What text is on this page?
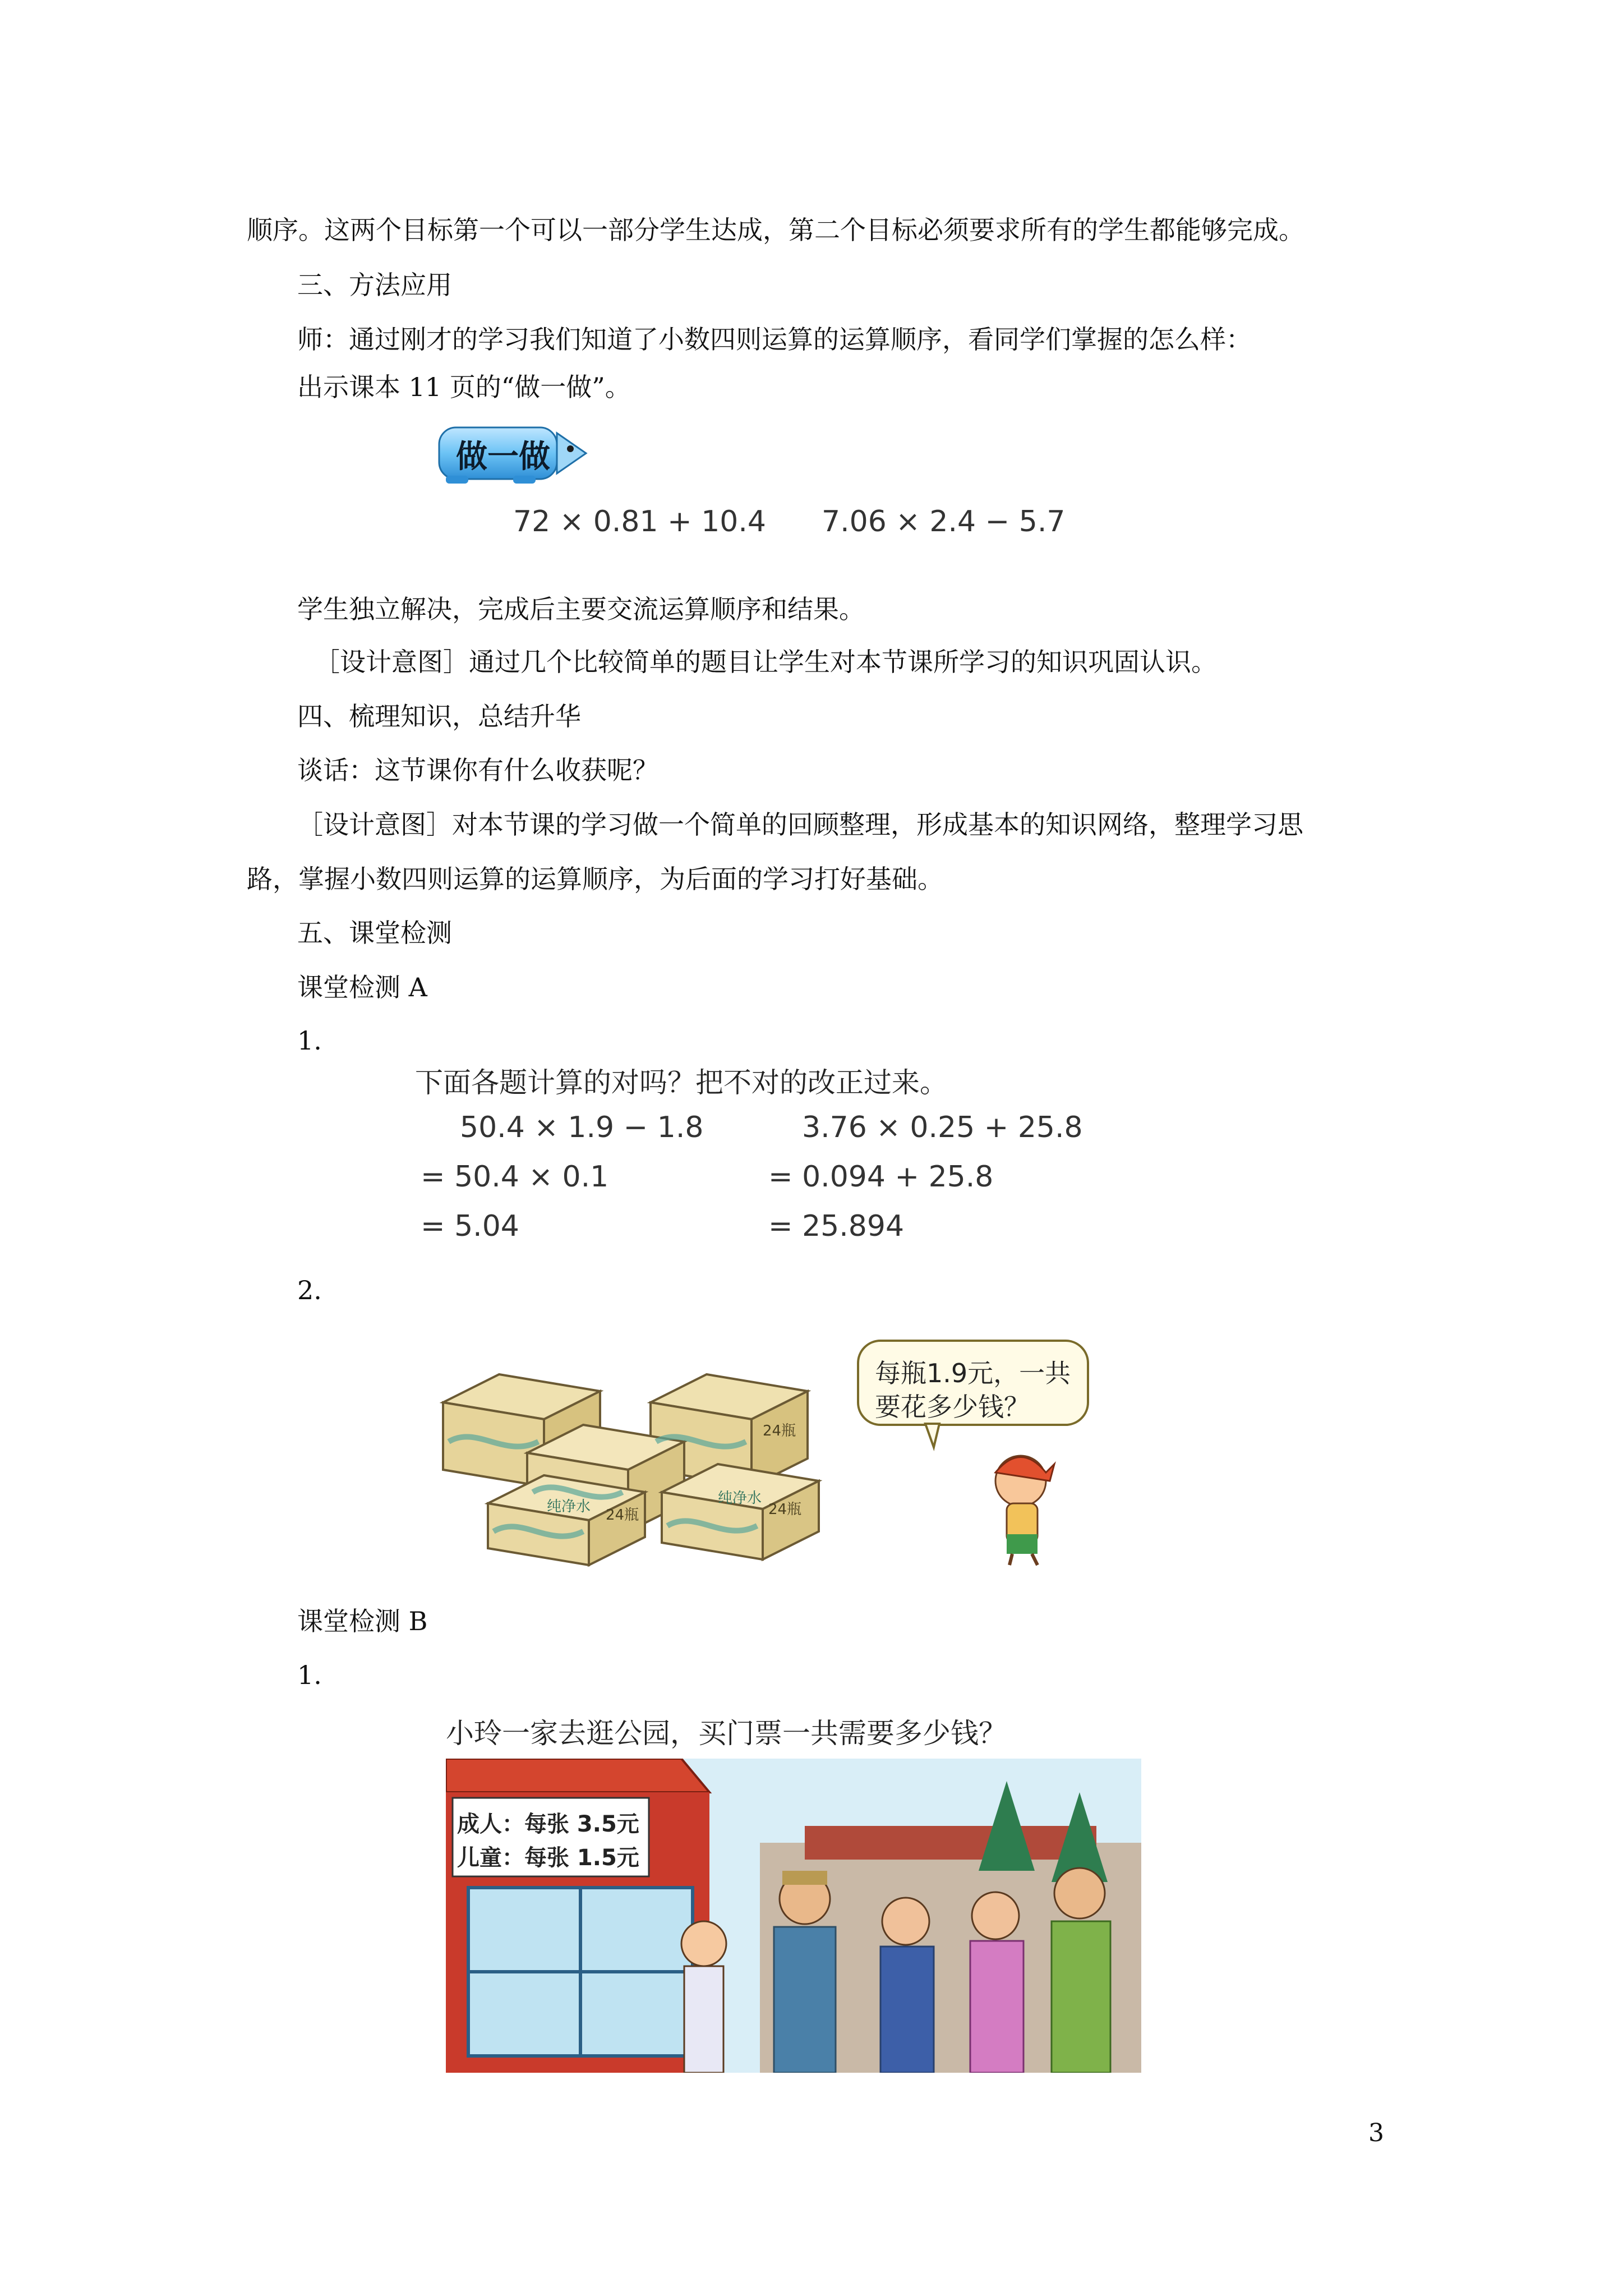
顺序。这两个目标第一个可以一部分学生达成，第二个目标必须要求所有的学生都能够完成。
三、方法应用
师：通过刚才的学习我们知道了小数四则运算的运算顺序，看同学们掌握的怎么样：
出示课本 11 页的“做一做”。
做一做
72 × 0.81 + 10.4 7.06 × 2.4 − 5.7
学生独立解决，完成后主要交流运算顺序和结果。
［设计意图］通过几个比较简单的题目让学生对本节课所学习的知识巩固认识。
四、梳理知识，总结升华
谈话：这节课你有什么收获呢？
［设计意图］对本节课的学习做一个简单的回顾整理，形成基本的知识网络，整理学习思
路，掌握小数四则运算的运算顺序，为后面的学习打好基础。
五、课堂检测
课堂检测 A
1.
下面各题计算的对吗？把不对的改正过来。
50.4 × 1.9 − 1.8
= 50.4 × 0.1
= 5.04
3.76 × 0.25 + 25.8
= 0.094 + 25.8
= 25.894
2.
每瓶1.9元，一共
要花多少钱？
纯净水	纯净水
24瓶
24瓶	24瓶
课堂检测 B
1.
小玲一家去逛公园，买门票一共需要多少钱？
成人：每张 3.5元
儿童：每张 1.5元
3
